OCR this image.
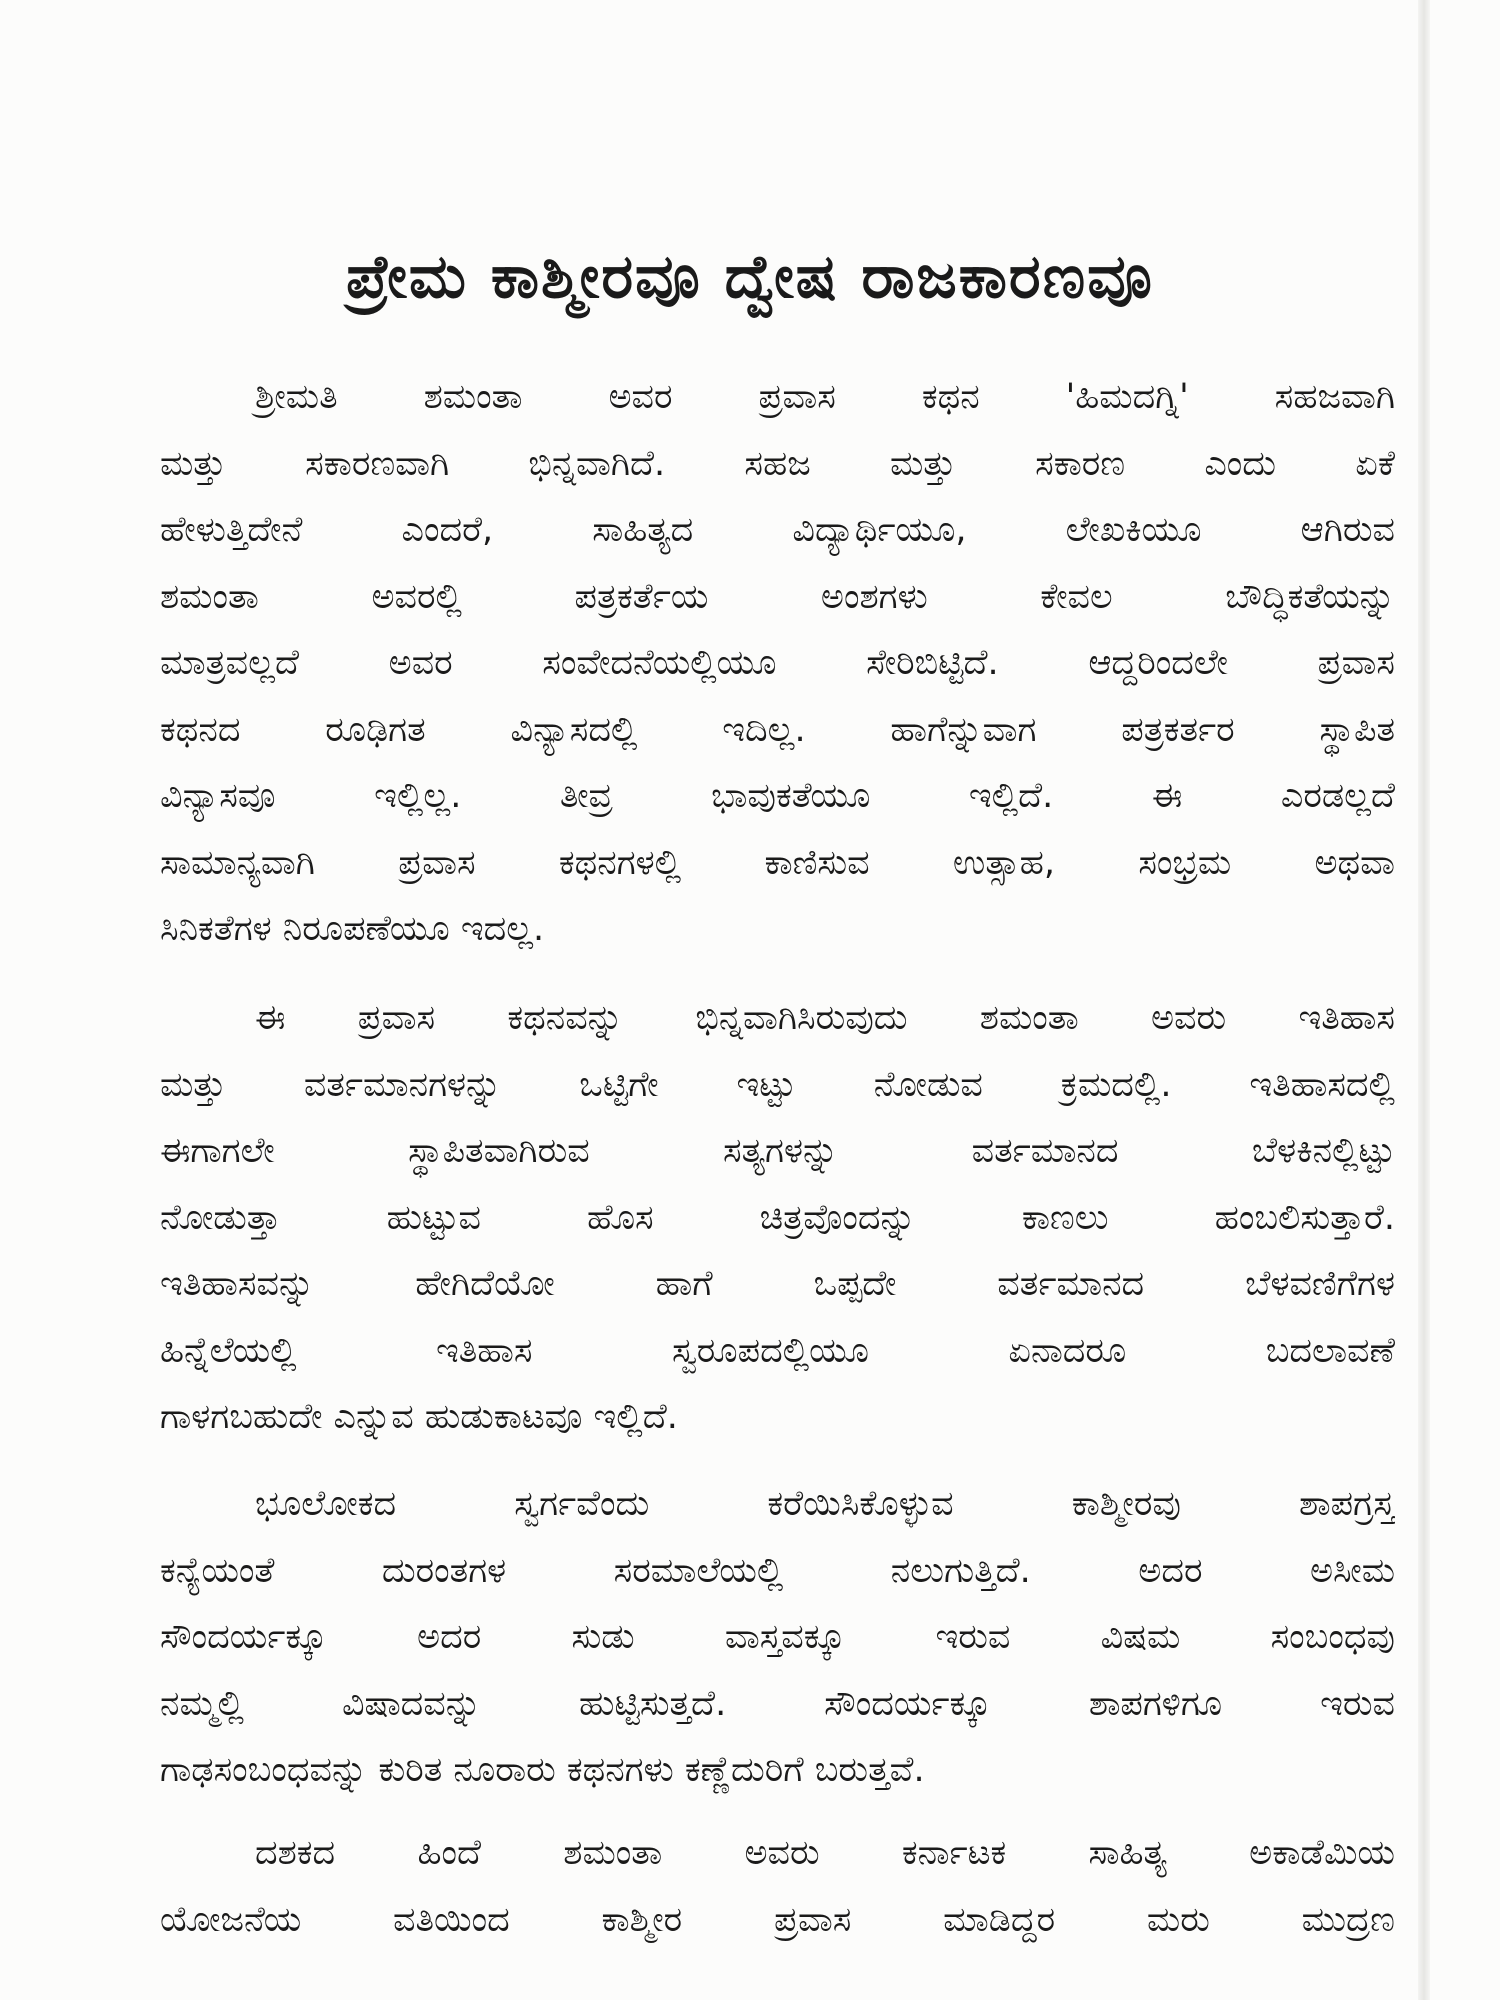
ಪ್ರೇಮ ಕಾಶ್ಮೀರವೂ ದ್ವೇಷ ರಾಜಕಾರಣವೂ
ಶ್ರೀಮತಿ ಶಮಂತಾ ಅವರ ಪ್ರವಾಸ ಕಥನ 'ಹಿಮದಗ್ನಿ' ಸಹಜವಾಗಿ
ಮತ್ತು ಸಕಾರಣವಾಗಿ ಭಿನ್ನವಾಗಿದೆ. ಸಹಜ ಮತ್ತು ಸಕಾರಣ ಎಂದು ಏಕೆ
ಹೇಳುತ್ತಿದೇನೆ ಎಂದರೆ, ಸಾಹಿತ್ಯದ ವಿದ್ಯಾರ್ಥಿಯೂ, ಲೇಖಕಿಯೂ ಆಗಿರುವ
ಶಮಂತಾ ಅವರಲ್ಲಿ ಪತ್ರಕರ್ತೆಯ ಅಂಶಗಳು ಕೇವಲ ಬೌದ್ಧಿಕತೆಯನ್ನು
ಮಾತ್ರವಲ್ಲದೆ ಅವರ ಸಂವೇದನೆಯಲ್ಲಿಯೂ ಸೇರಿಬಿಟ್ಟಿದೆ. ಆದ್ದರಿಂದಲೇ ಪ್ರವಾಸ
ಕಥನದ ರೂಢಿಗತ ವಿನ್ಯಾಸದಲ್ಲಿ ಇದಿಲ್ಲ. ಹಾಗೆನ್ನುವಾಗ ಪತ್ರಕರ್ತರ ಸ್ಥಾಪಿತ
ವಿನ್ಯಾಸವೂ ಇಲ್ಲಿಲ್ಲ. ತೀವ್ರ ಭಾವುಕತೆಯೂ ಇಲ್ಲಿದೆ. ಈ ಎರಡಲ್ಲದೆ
ಸಾಮಾನ್ಯವಾಗಿ ಪ್ರವಾಸ ಕಥನಗಳಲ್ಲಿ ಕಾಣಿಸುವ ಉತ್ಸಾಹ, ಸಂಭ್ರಮ ಅಥವಾ
ಸಿನಿಕತೆಗಳ ನಿರೂಪಣೆಯೂ ಇದಲ್ಲ.
ಈ ಪ್ರವಾಸ ಕಥನವನ್ನು ಭಿನ್ನವಾಗಿಸಿರುವುದು ಶಮಂತಾ ಅವರು ಇತಿಹಾಸ
ಮತ್ತು ವರ್ತಮಾನಗಳನ್ನು ಒಟ್ಟಿಗೇ ಇಟ್ಟು ನೋಡುವ ಕ್ರಮದಲ್ಲಿ. ಇತಿಹಾಸದಲ್ಲಿ
ಈಗಾಗಲೇ ಸ್ಥಾಪಿತವಾಗಿರುವ ಸತ್ಯಗಳನ್ನು ವರ್ತಮಾನದ ಬೆಳಕಿನಲ್ಲಿಟ್ಟು
ನೋಡುತ್ತಾ ಹುಟ್ಟುವ ಹೊಸ ಚಿತ್ರವೊಂದನ್ನು ಕಾಣಲು ಹಂಬಲಿಸುತ್ತಾರೆ.
ಇತಿಹಾಸವನ್ನು ಹೇಗಿದೆಯೋ ಹಾಗೆ ಒಪ್ಪದೇ ವರ್ತಮಾನದ ಬೆಳವಣಿಗೆಗಳ
ಹಿನ್ನೆಲೆಯಲ್ಲಿ ಇತಿಹಾಸ ಸ್ವರೂಪದಲ್ಲಿಯೂ ಏನಾದರೂ ಬದಲಾವಣೆ
ಗಾಳಗಬಹುದೇ ಎನ್ನುವ ಹುಡುಕಾಟವೂ ಇಲ್ಲಿದೆ.
ಭೂಲೋಕದ ಸ್ವರ್ಗವೆಂದು ಕರೆಯಿಸಿಕೊಳ್ಳುವ ಕಾಶ್ಮೀರವು ಶಾಪಗ್ರಸ್ತ
ಕನ್ಯೆಯಂತೆ ದುರಂತಗಳ ಸರಮಾಲೆಯಲ್ಲಿ ನಲುಗುತ್ತಿದೆ. ಅದರ ಅಸೀಮ
ಸೌಂದರ್ಯಕ್ಕೂ ಅದರ ಸುಡು ವಾಸ್ತವಕ್ಕೂ ಇರುವ ವಿಷಮ ಸಂಬಂಧವು
ನಮ್ಮಲ್ಲಿ ವಿಷಾದವನ್ನು ಹುಟ್ಟಿಸುತ್ತದೆ. ಸೌಂದರ್ಯಕ್ಕೂ ಶಾಪಗಳಿಗೂ ಇರುವ
ಗಾಢಸಂಬಂಧವನ್ನು ಕುರಿತ ನೂರಾರು ಕಥನಗಳು ಕಣ್ಣೆದುರಿಗೆ ಬರುತ್ತವೆ.
ದಶಕದ ಹಿಂದೆ ಶಮಂತಾ ಅವರು ಕರ್ನಾಟಕ ಸಾಹಿತ್ಯ ಅಕಾಡೆಮಿಯ
ಯೋಜನೆಯ ವತಿಯಿಂದ ಕಾಶ್ಮೀರ ಪ್ರವಾಸ ಮಾಡಿದ್ದರ ಮರು ಮುದ್ರಣ
